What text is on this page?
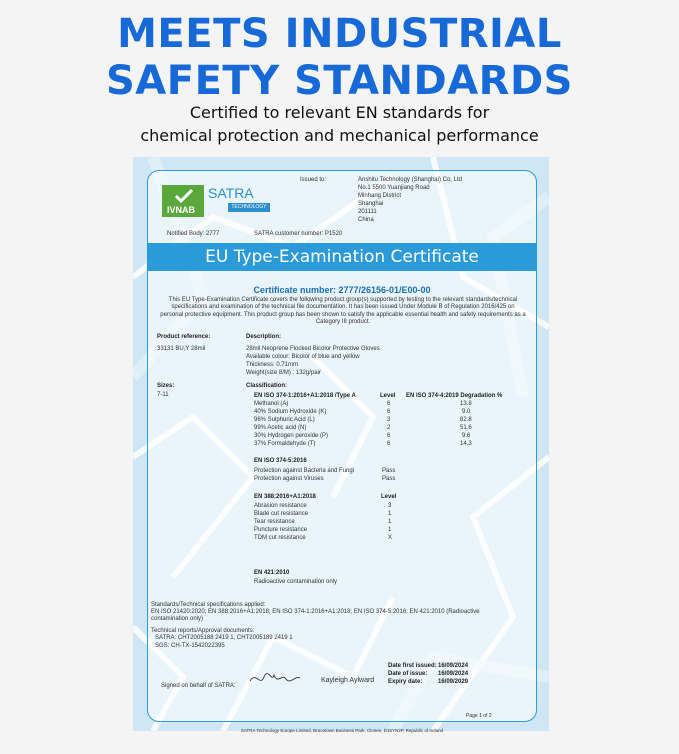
MEETS INDUSTRIAL
SAFETY STANDARDS
Certified to relevant EN standards for
chemical protection and mechanical performance
IVNAB
SATRA
TECHNOLOGY
Issued to:	Anshitu Technology (Shanghai) Co, Ltd
No.1 5500 Yuanjiang Road
Minhang District
Shanghai
201111
China
Notified Body: 2777	SATRA customer number: P1520
EU Type-Examination Certificate
Certificate number: 2777/26156-01/E00-00
This EU Type-Examination Certificate covers the following product group(s) supported by testing to the relevant standards/technical specifications and examination of the technical file documentation. It has been issued Under Module B of Regulation 2016/425 on personal protective equipment. This product group has been shown to satisfy the applicable essential health and safety requirements as a Category III product.
Product reference:
33131 BU,Y 28mil
Description:
28mil Neoprene Flocked Bicolor Protective Gloves
Available colour: Bicolor of blue and yellow
Thickness: 0.71mm
Weight(size 8/M) : 132g/pair
Sizes:
7-11
Classification:
EN ISO 374-1:2016+A1:2018 /Type A	Level EN ISO 374-4:2019 Degradation %
Methanol (A)	6	13.8
40% Sodium Hydroxide (K)	6	9.0
96% Sulphuric Acid (L)	3	82.8
99% Acetic acid (N)	2	51.6
30% Hydrogen peroxide (P)	6	9.6
37% Formaldehyde (T)	6	14.3
EN ISO 374-5:2016
Protection against Bacteria and Fungi	Pass
Protection against Viruses	Pass
EN 388:2016+A1:2018	Level
Abrasion resistance	3
Blade cut resistance	1
Tear resistance	1
Puncture resistance	1
TDM cut resistance	X
EN 421:2010
Radioactive contamination only
Standards/Technical specifications applied:
EN ISO 21420:2020; EN 388:2016+A1:2018; EN ISO 374-1:2016+A1:2018; EN ISO 374-5:2016; EN 421:2010 (Radioactive
contamination only)
Technical reports/Approval documents:
SATRA: CHT2005188 2419 1, CHT2005189 2419 1
SGS: CH-TX-1542022395
Signed on behalf of SATRA:
Kayleigh Aylward
Date first issued: 16/09/2024
Date of issue: 16/09/2024
Expiry date:	16/09/2029
Page 1 of 2
SATRA Technology Europe Limited, Bracetown Business Park, Clonee, D15YN2P, Republic of Ireland
